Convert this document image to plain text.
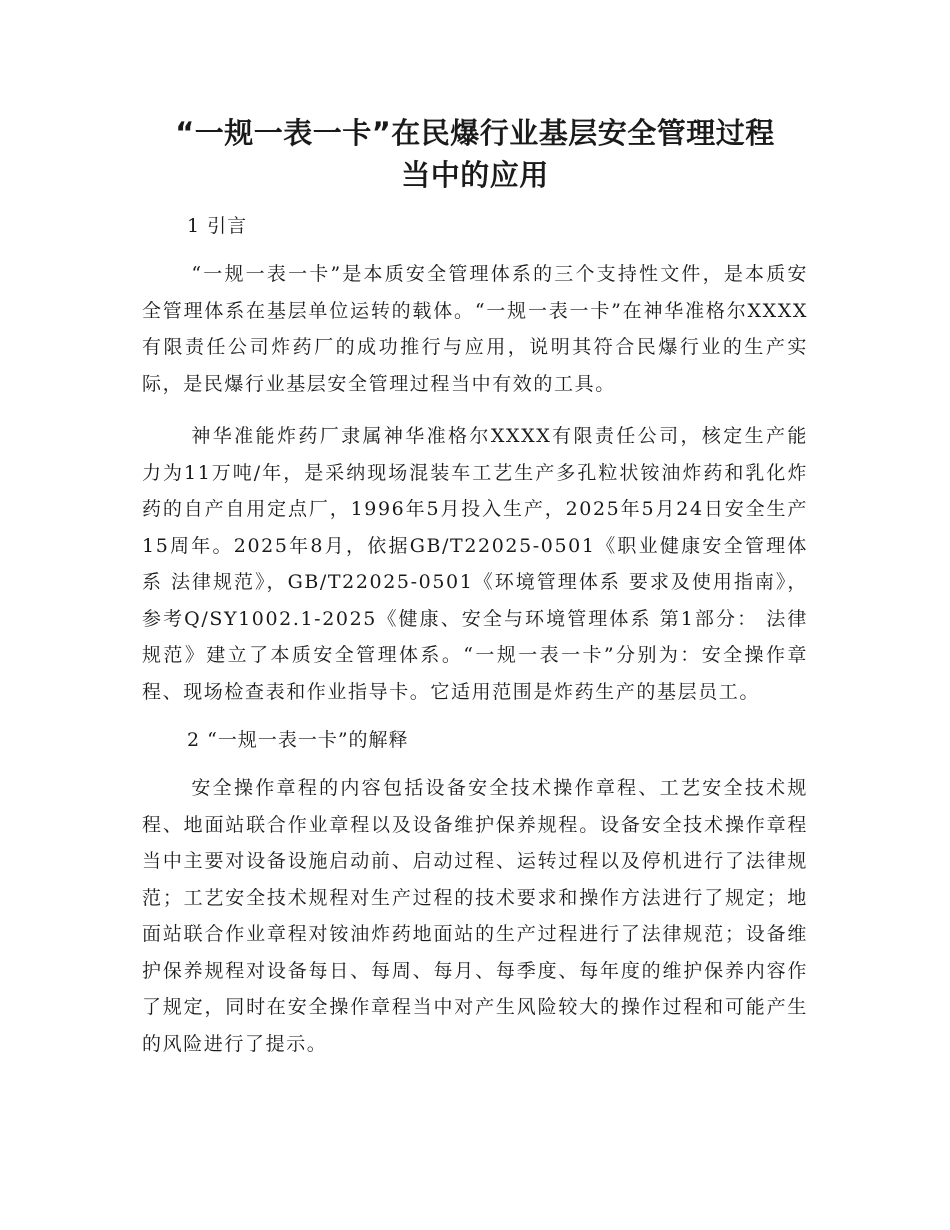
“一规一表一卡”在民爆行业基层安全管理过程
当中的应用
1 引言

“一规一表一卡”是本质安全管理体系的三个支持性文件，是本质安全管理体系在基层单位运转的载体。“一规一表一卡”在神华准格尔XXXX有限责任公司炸药厂的成功推行与应用，说明其符合民爆行业的生产实际，是民爆行业基层安全管理过程当中有效的工具。

神华准能炸药厂隶属神华准格尔XXXX有限责任公司，核定生产能力为11万吨/年，是采纳现场混装车工艺生产多孔粒状铵油炸药和乳化炸药的自产自用定点厂，1996年5月投入生产，2025年5月24日安全生产15周年。2025年8月，依据GB/T22025-0501《职业健康安全管理体系 法律规范》，GB/T22025-0501《环境管理体系 要求及使用指南》，参考Q/SY1002.1-2025《健康、安全与环境管理体系 第1部分： 法律规范》建立了本质安全管理体系。“一规一表一卡”分别为：安全操作章程、现场检查表和作业指导卡。它适用范围是炸药生产的基层员工。

2 “一规一表一卡”的解释

安全操作章程的内容包括设备安全技术操作章程、工艺安全技术规程、地面站联合作业章程以及设备维护保养规程。设备安全技术操作章程当中主要对设备设施启动前、启动过程、运转过程以及停机进行了法律规范；工艺安全技术规程对生产过程的技术要求和操作方法进行了规定；地面站联合作业章程对铵油炸药地面站的生产过程进行了法律规范；设备维护保养规程对设备每日、每周、每月、每季度、每年度的维护保养内容作了规定，同时在安全操作章程当中对产生风险较大的操作过程和可能产生的风险进行了提示。
